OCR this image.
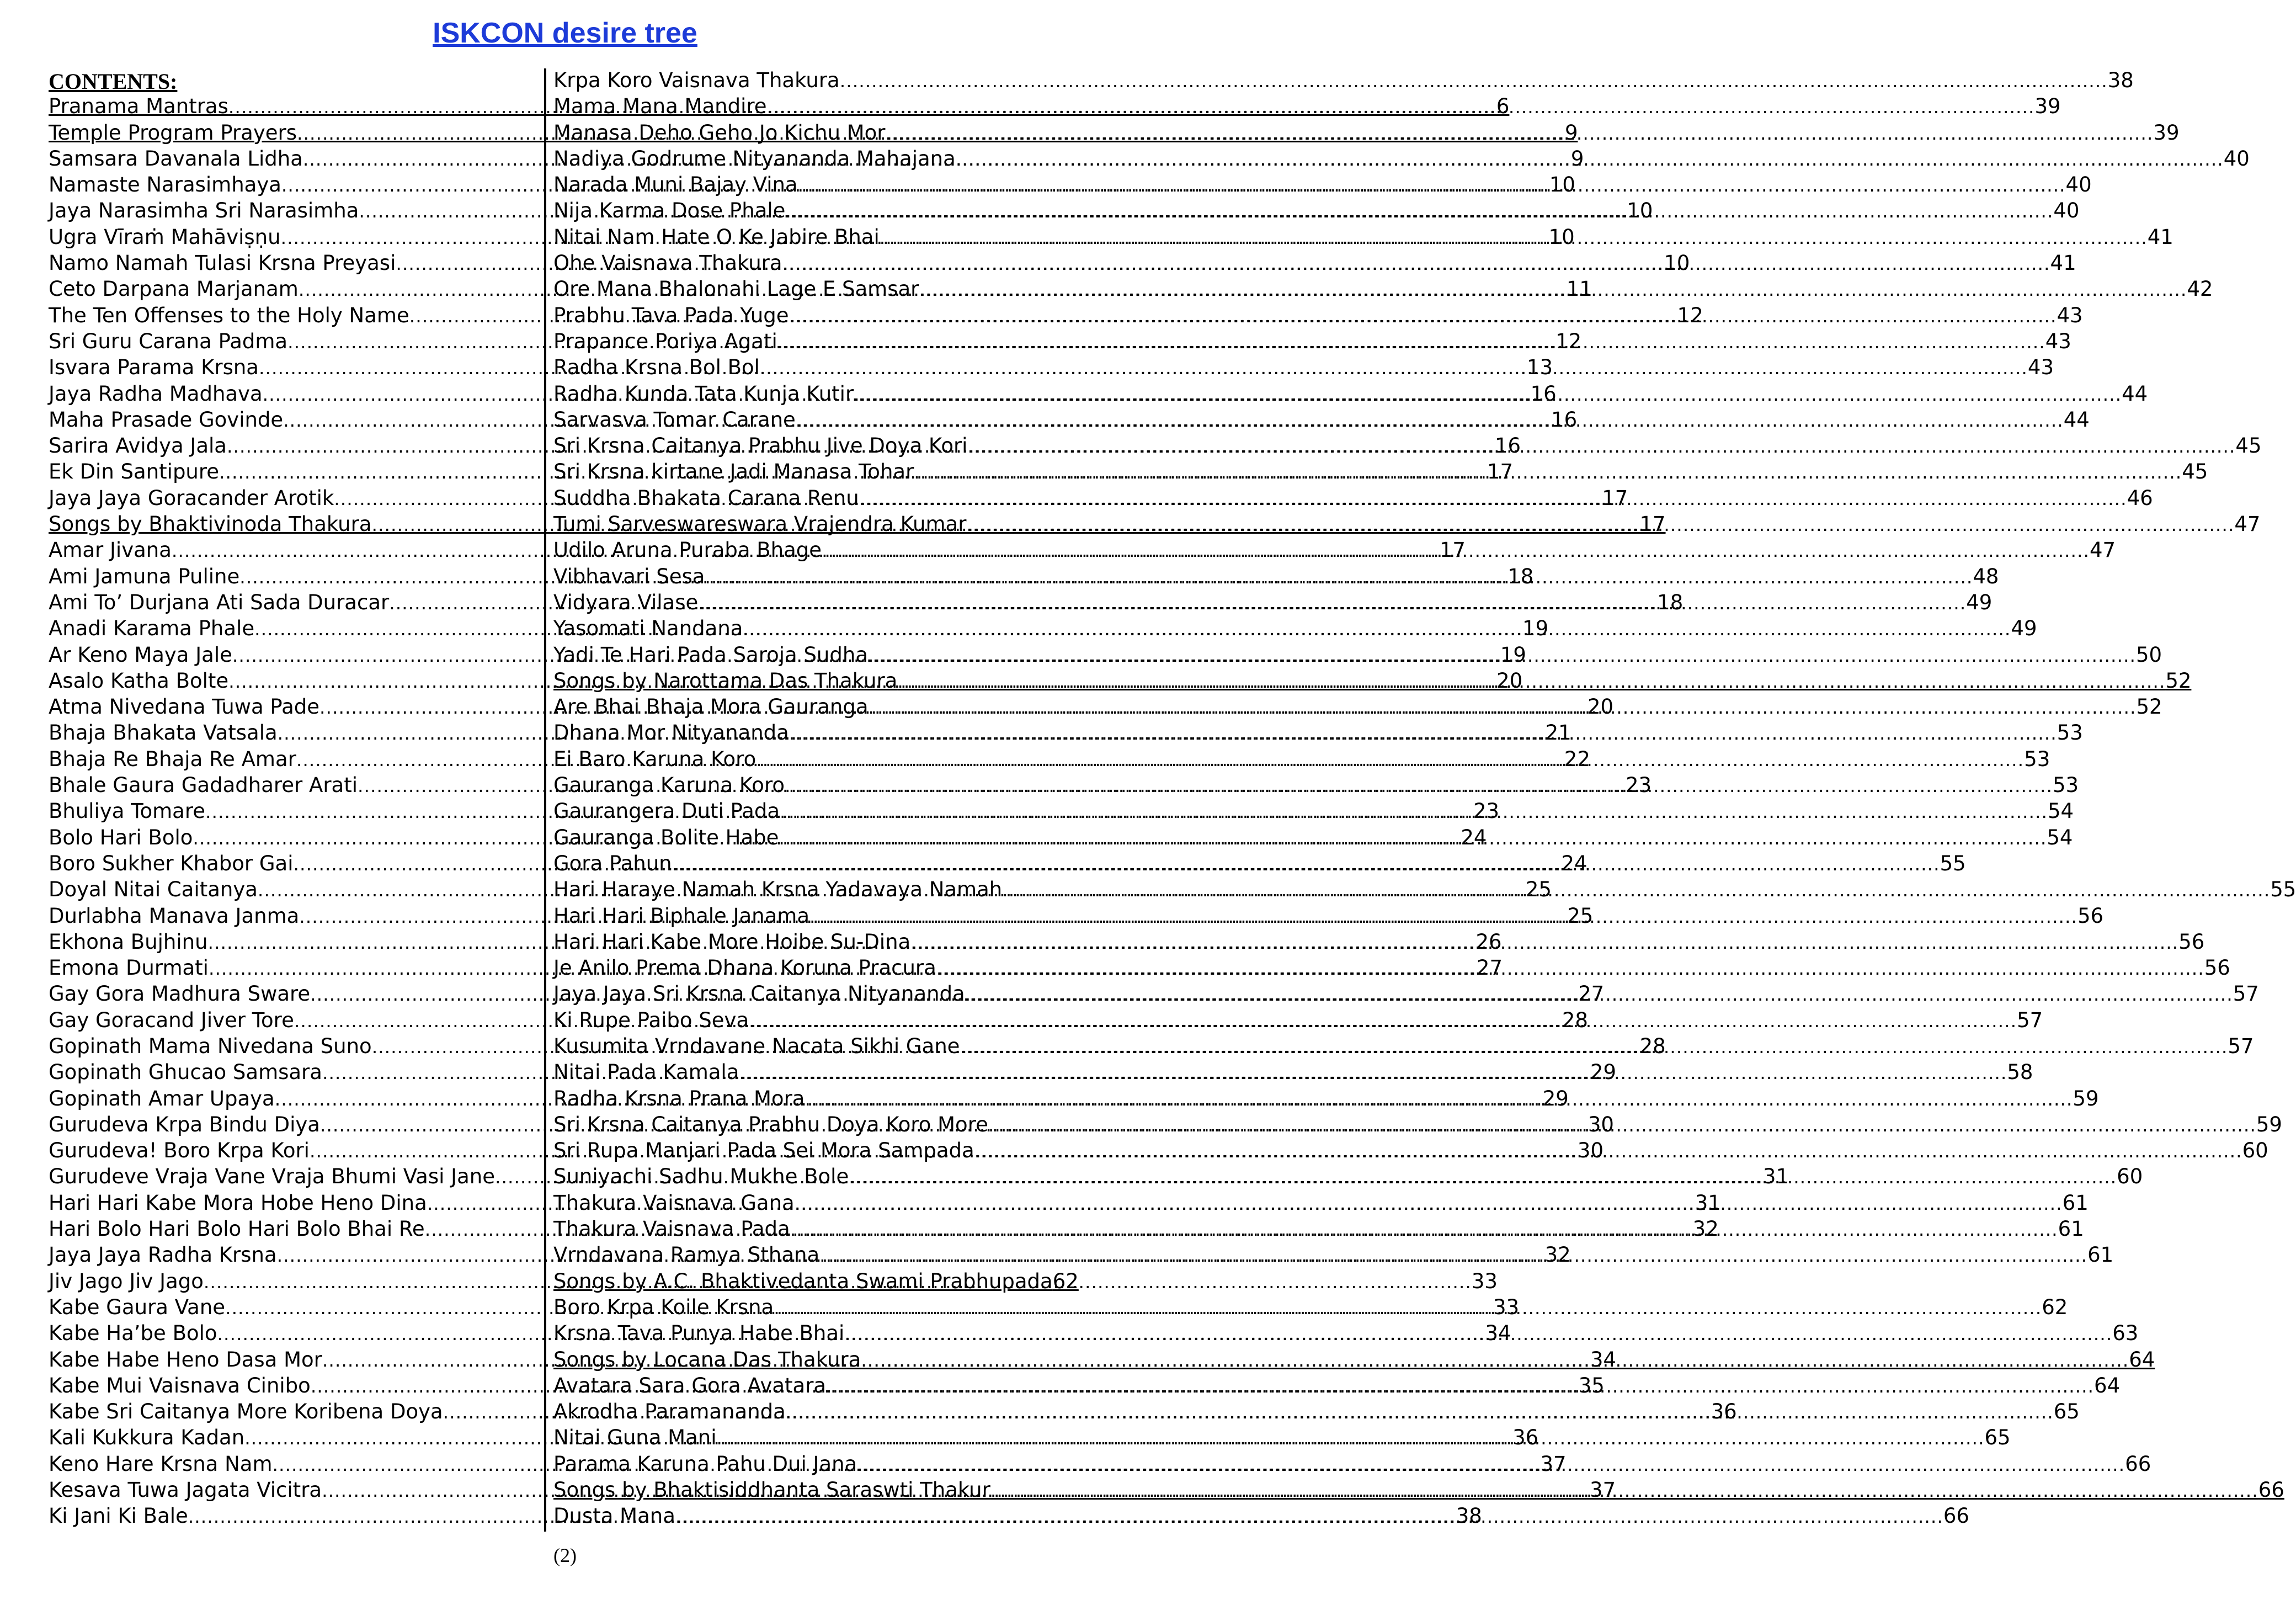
ISKCON desire tree
CONTENTS:
Pranama Mantras .....	6
Temple Program Prayers .....	9
Samsara Davanala Lidha .....	9
Namaste Narasimhaya .....	10
Jaya Narasimha Sri Narasimha .....	10
Ugra Vīraṁ Mahāviṣṇu .....	10
Namo Namah Tulasi Krsna Preyasi .....	10
Ceto Darpana Marjanam .....	11
The Ten Offenses to the Holy Name .....	12
Sri Guru Carana Padma .....	12
Isvara Parama Krsna .....	13
Jaya Radha Madhava .....	16
Maha Prasade Govinde .....	16
Sarira Avidya Jala .....	16
Ek Din Santipure .....	17
Jaya Jaya Goracander Arotik .....	17
Songs by Bhaktivinoda Thakura .....	17
Amar Jivana .....	17
Ami Jamuna Puline .....	18
Ami To’ Durjana Ati Sada Duracar .....	18
Anadi Karama Phale .....	19
Ar Keno Maya Jale .....	19
Asalo Katha Bolte .....	20
Atma Nivedana Tuwa Pade .....	20
Bhaja Bhakata Vatsala .....	21
Bhaja Re Bhaja Re Amar .....	22
Bhale Gaura Gadadharer Arati .....	23
Bhuliya Tomare .....	23
Bolo Hari Bolo .....	24
Boro Sukher Khabor Gai .....	24
Doyal Nitai Caitanya .....	25
Durlabha Manava Janma .....	25
Ekhona Bujhinu .....	26
Emona Durmati .....	27
Gay Gora Madhura Sware .....	27
Gay Goracand Jiver Tore .....	28
Gopinath Mama Nivedana Suno .....	28
Gopinath Ghucao Samsara .....	29
Gopinath Amar Upaya .....	29
Gurudeva Krpa Bindu Diya .....	30
Gurudeva! Boro Krpa Kori .....	30
Gurudeve Vraja Vane Vraja Bhumi Vasi Jane .....	31
Hari Hari Kabe Mora Hobe Heno Dina .....	31
Hari Bolo Hari Bolo Hari Bolo Bhai Re .....	32
Jaya Jaya Radha Krsna .....	32
Jiv Jago Jiv Jago .....	33
Kabe Gaura Vane .....	33
Kabe Ha’be Bolo .....	34
Kabe Habe Heno Dasa Mor .....	34
Kabe Mui Vaisnava Cinibo .....	35
Kabe Sri Caitanya More Koribena Doya .....	36
Kali Kukkura Kadan .....	36
Keno Hare Krsna Nam .....	37
Kesava Tuwa Jagata Vicitra .....	37
Ki Jani Ki Bale .....	38
Krpa Koro Vaisnava Thakura .....	38
Mama Mana Mandire .....	39
Manasa Deho Geho Jo Kichu Mor .....	39
Nadiya Godrume Nityananda Mahajana .....	40
Narada Muni Bajay Vina .....	40
Nija Karma Dose Phale .....	40
Nitai Nam Hate O Ke Jabire Bhai .....	41
Ohe Vaisnava Thakura .....	41
Ore Mana Bhalonahi Lage E Samsar .....	42
Prabhu Tava Pada Yuge .....	43
Prapance Poriya Agati .....	43
Radha Krsna Bol Bol .....	43
Radha Kunda Tata Kunja Kutir .....	44
Sarvasva Tomar Carane .....	44
Sri Krsna Caitanya Prabhu Jive Doya Kori .....	45
Sri Krsna kirtane Jadi Manasa Tohar .....	45
Suddha Bhakata Carana Renu .....	46
Tumi Sarveswareswara Vrajendra Kumar .....	47
Udilo Aruna Puraba Bhage .....	47
Vibhavari Sesa .....	48
Vidyara Vilase .....	49
Yasomati Nandana .....	49
Yadi Te Hari Pada Saroja Sudha .....	50
Songs by Narottama Das Thakura .....	52
Are Bhai Bhaja Mora Gauranga .....	52
Dhana Mor Nityananda .....	53
Ei Baro Karuna Koro .....	53
Gauranga Karuna Koro .....	53
Gaurangera Duti Pada .....	54
Gauranga Bolite Habe .....	54
Gora Pahun .....	55
Hari Haraye Namah Krsna Yadavaya Namah .....	55
Hari Hari Biphale Janama .....	56
Hari Hari Kabe More Hoibe Su-Dina .....	56
Je Anilo Prema Dhana Koruna Pracura .....	56
Jaya Jaya Sri Krsna Caitanya Nityananda .....	57
Ki Rupe Paibo Seva .....	57
Kusumita Vrndavane Nacata Sikhi Gane .....	57
Nitai Pada Kamala .....	58
Radha Krsna Prana Mora .....	59
Sri Krsna Caitanya Prabhu Doya Koro More .....	59
Sri Rupa Manjari Pada Sei Mora Sampada .....	60
Suniyachi Sadhu Mukhe Bole .....	60
Thakura Vaisnava Gana .....	61
Thakura Vaisnava Pada .....	61
Vrndavana Ramya Sthana .....	61
Songs by A.C. Bhaktivedanta Swami Prabhupada 62
Boro Krpa Koile Krsna .....	62
Krsna Tava Punya Habe Bhai .....	63
Songs by Locana Das Thakura .....	64
Avatara Sara Gora Avatara .....	64
Akrodha Paramananda .....	65
Nitai Guna Mani .....	65
Parama Karuna Pahu Dui Jana .....	66
Songs by Bhaktisiddhanta Saraswti Thakur .....	66
Dusta Mana .....	66
(2)
